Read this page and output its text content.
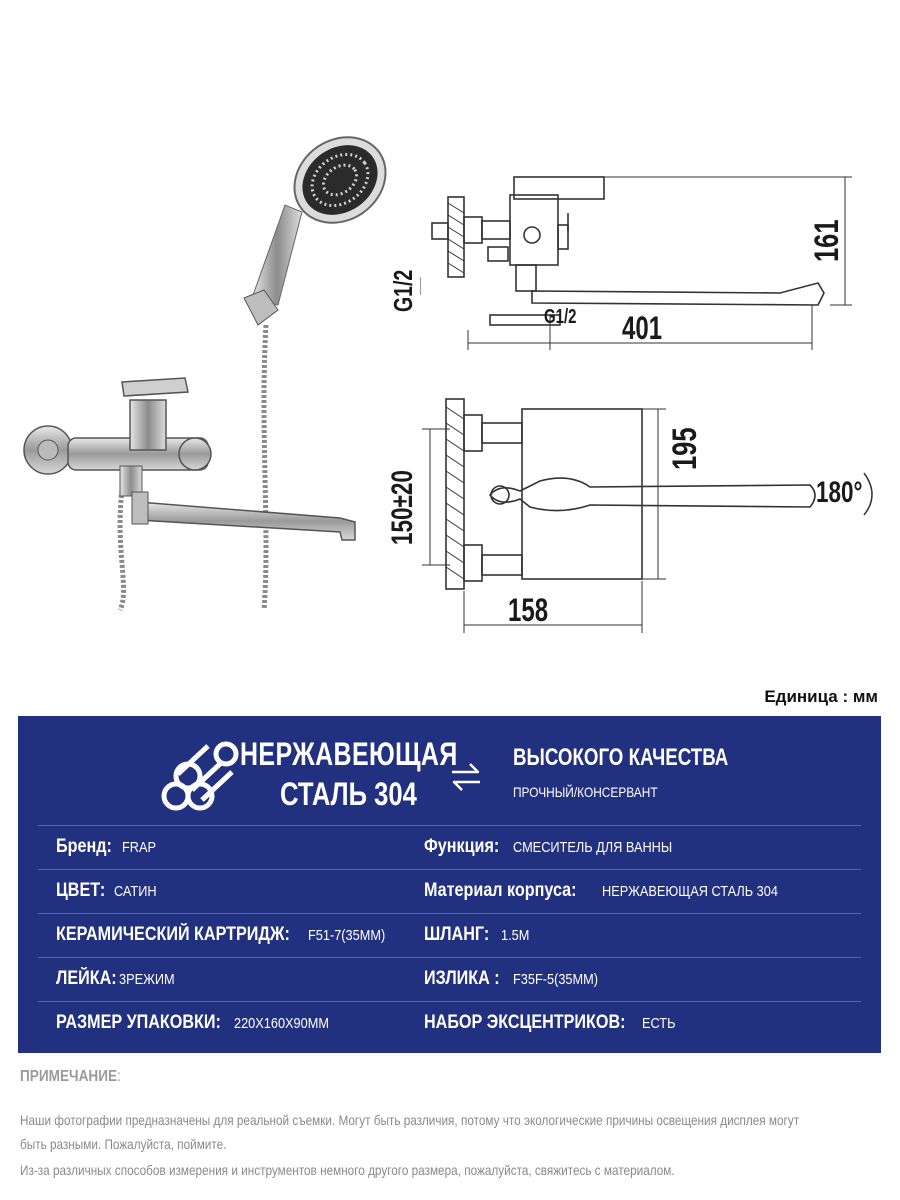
161
401
G1/2
G1/2
195
150±20
158
180°
Единица : мм
НЕРЖАВЕЮЩАЯ
СТАЛЬ 304
ВЫСОКОГО КАЧЕСТВА
ПРОЧНЫЙ/КОНСЕРВАНТ
Бренд: FRAP	Функция: СМЕСИТЕЛЬ ДЛЯ ВАННЫ
ЦВЕТ: САТИН	Материал корпуса: НЕРЖАВЕЮЩАЯ СТАЛЬ 304
КЕРАМИЧЕСКИЙ КАРТРИДЖ: F51-7(35ММ)	ШЛАНГ: 1.5М
ЛЕЙКА: 3РЕЖИМ	ИЗЛИКА : F35F-5(35ММ)
РАЗМЕР УПАКОВКИ: 220X160X90ММ	НАБОР ЭКСЦЕНТРИКОВ: ЕСТЬ
ПРИМЕЧАНИЕ:
Наши фотографии предназначены для реальной съемки. Могут быть различия, потому что экологические причины освещения дисплея могут
быть разными. Пожалуйста, поймите.
Из-за различных способов измерения и инструментов немного другого размера, пожалуйста, свяжитесь с материалом.
